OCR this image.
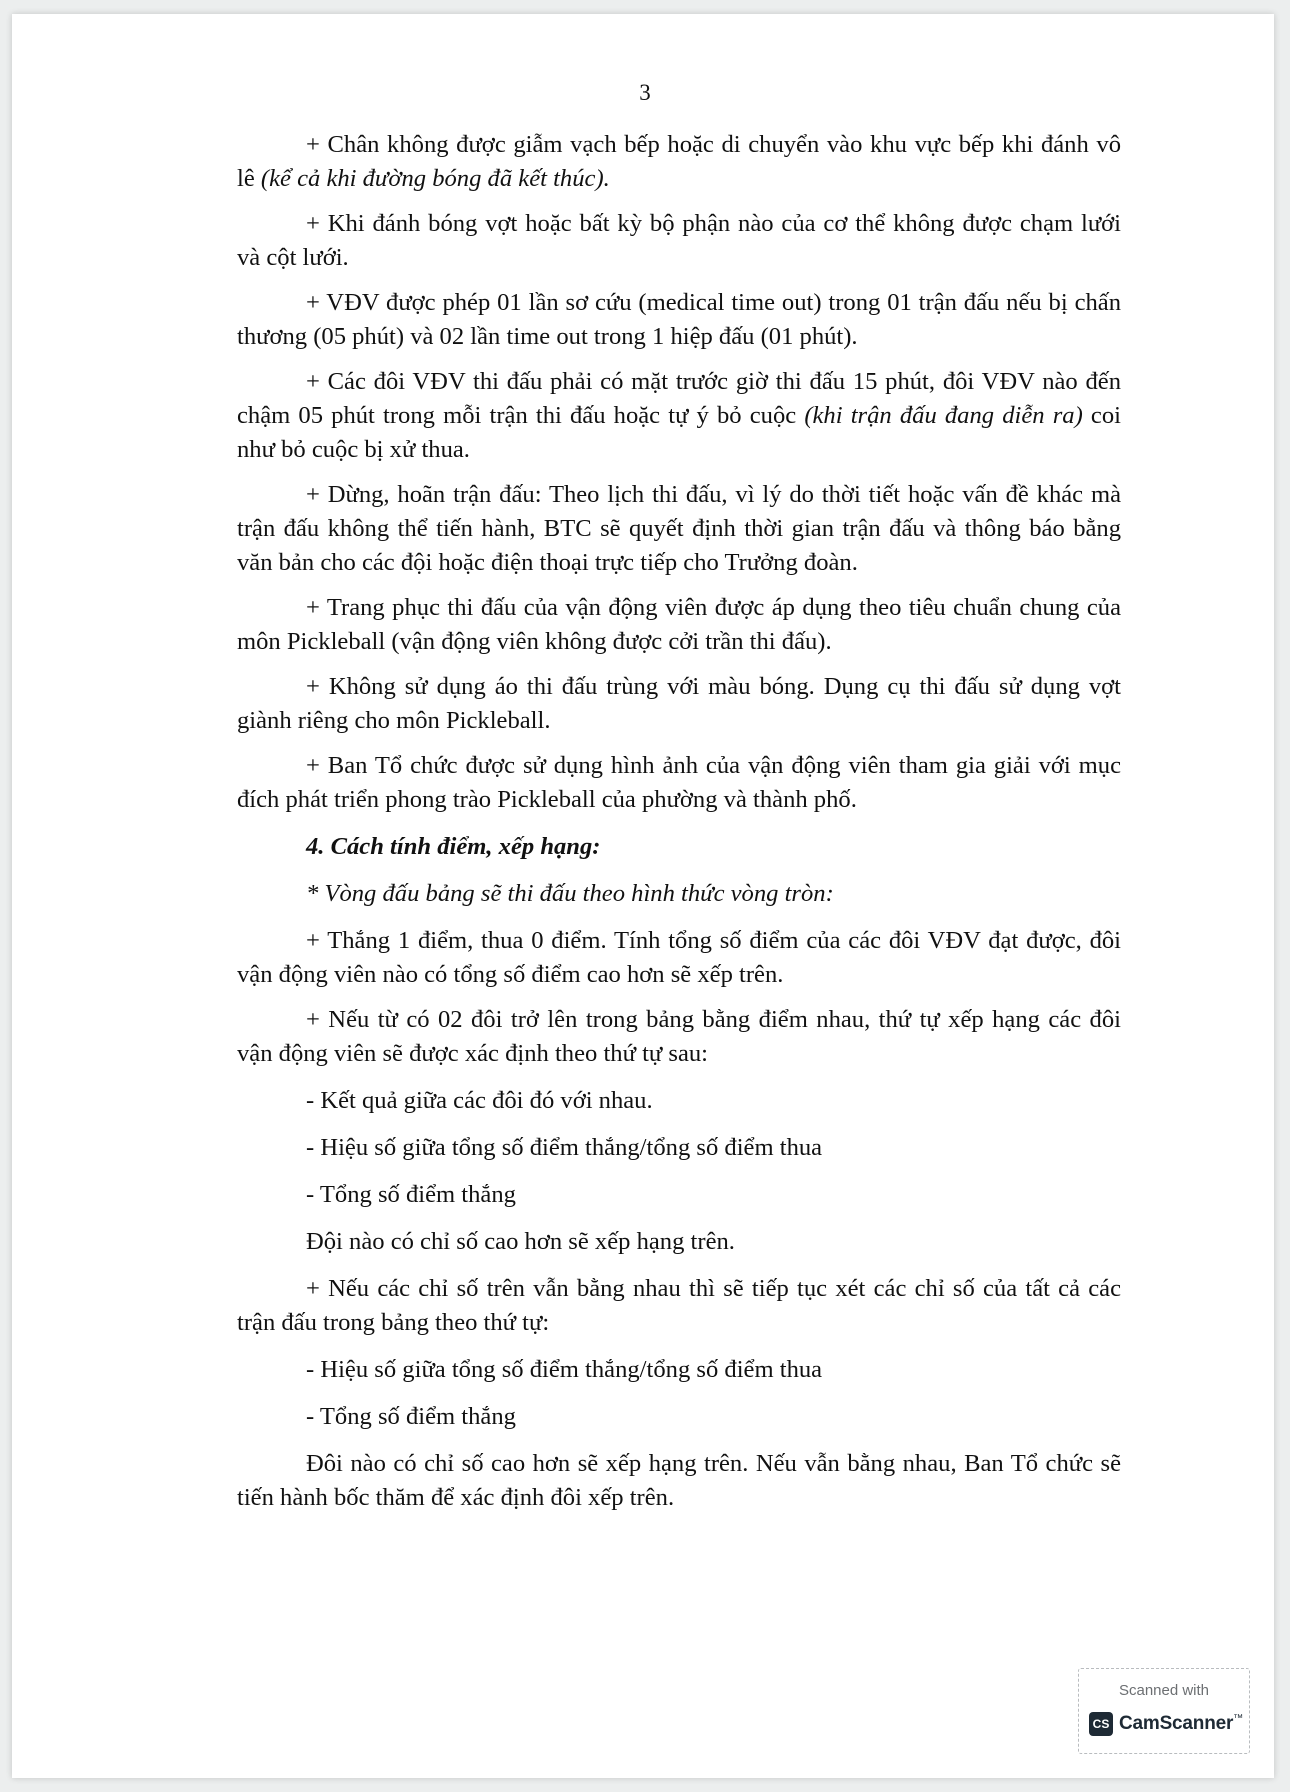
3

+ Chân không được giẫm vạch bếp hoặc di chuyển vào khu vực bếp khi đánh vô lê (kể cả khi đường bóng đã kết thúc).

+ Khi đánh bóng vợt hoặc bất kỳ bộ phận nào của cơ thể không được chạm lưới và cột lưới.

+ VĐV được phép 01 lần sơ cứu (medical time out) trong 01 trận đấu nếu bị chấn thương (05 phút) và 02 lần time out trong 1 hiệp đấu (01 phút).

+ Các đôi VĐV thi đấu phải có mặt trước giờ thi đấu 15 phút, đôi VĐV nào đến chậm 05 phút trong mỗi trận thi đấu hoặc tự ý bỏ cuộc (khi trận đấu đang diễn ra) coi như bỏ cuộc bị xử thua.

+ Dừng, hoãn trận đấu: Theo lịch thi đấu, vì lý do thời tiết hoặc vấn đề khác mà trận đấu không thể tiến hành, BTC sẽ quyết định thời gian trận đấu và thông báo bằng văn bản cho các đội hoặc điện thoại trực tiếp cho Trưởng đoàn.

+ Trang phục thi đấu của vận động viên được áp dụng theo tiêu chuẩn chung của môn Pickleball (vận động viên không được cởi trần thi đấu).

+ Không sử dụng áo thi đấu trùng với màu bóng. Dụng cụ thi đấu sử dụng vợt giành riêng cho môn Pickleball.

+ Ban Tổ chức được sử dụng hình ảnh của vận động viên tham gia giải với mục đích phát triển phong trào Pickleball của phường và thành phố.

4. Cách tính điểm, xếp hạng:

* Vòng đấu bảng sẽ thi đấu theo hình thức vòng tròn:

+ Thắng 1 điểm, thua 0 điểm. Tính tổng số điểm của các đôi VĐV đạt được, đôi vận động viên nào có tổng số điểm cao hơn sẽ xếp trên.

+ Nếu từ có 02 đôi trở lên trong bảng bằng điểm nhau, thứ tự xếp hạng các đôi vận động viên sẽ được xác định theo thứ tự sau:

- Kết quả giữa các đôi đó với nhau.

- Hiệu số giữa tổng số điểm thắng/tổng số điểm thua

- Tổng số điểm thắng

Đội nào có chỉ số cao hơn sẽ xếp hạng trên.

+ Nếu các chỉ số trên vẫn bằng nhau thì sẽ tiếp tục xét các chỉ số của tất cả các trận đấu trong bảng theo thứ tự:

- Hiệu số giữa tổng số điểm thắng/tổng số điểm thua

- Tổng số điểm thắng

Đôi nào có chỉ số cao hơn sẽ xếp hạng trên. Nếu vẫn bằng nhau, Ban Tổ chức sẽ tiến hành bốc thăm để xác định đôi xếp trên.

Scanned with
CS CamScanner ™
